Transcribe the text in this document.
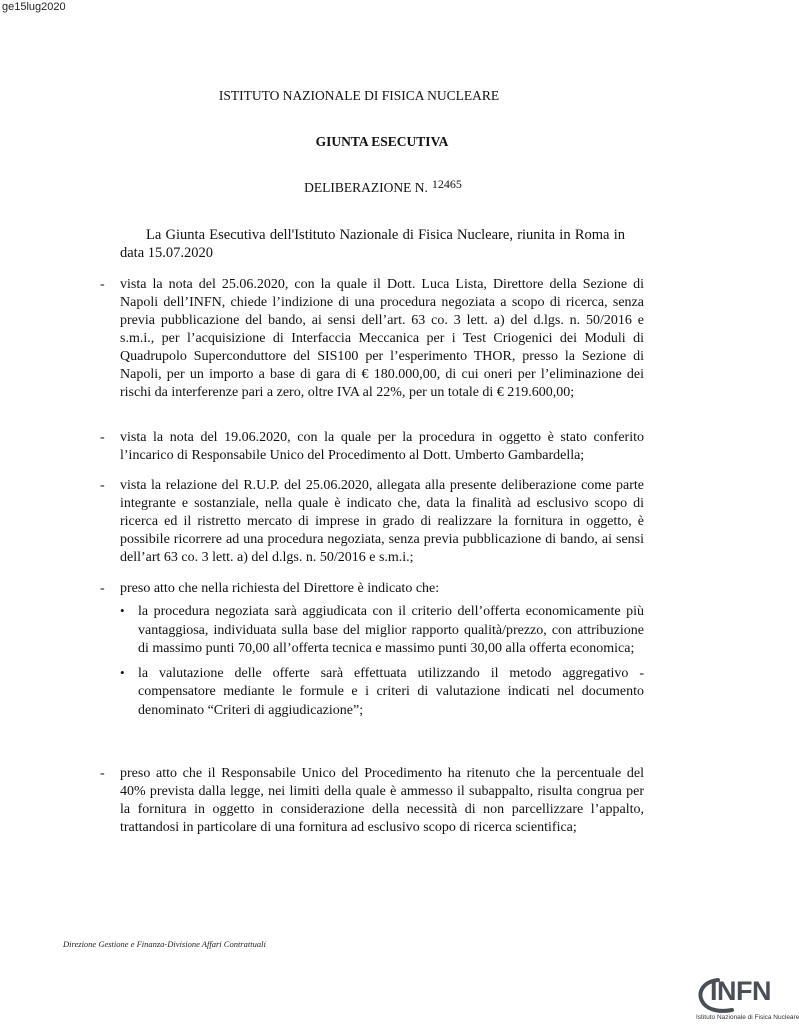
ge15lug2020
ISTITUTO NAZIONALE DI FISICA NUCLEARE
GIUNTA ESECUTIVA
DELIBERAZIONE N. 12465
La Giunta Esecutiva dell'Istituto Nazionale di Fisica Nucleare, riunita in Roma in data 15.07.2020
- vista la nota del 25.06.2020, con la quale il Dott. Luca Lista, Direttore della Sezione di Napoli dell’INFN, chiede l’indizione di una procedura negoziata a scopo di ricerca, senza previa pubblicazione del bando, ai sensi dell’art. 63 co. 3 lett. a) del d.lgs. n. 50/2016 e s.m.i., per l’acquisizione di Interfaccia Meccanica per i Test Criogenici dei Moduli di Quadrupolo Superconduttore del SIS100 per l’esperimento THOR, presso la Sezione di Napoli, per un importo a base di gara di € 180.000,00, di cui oneri per l’eliminazione dei rischi da interferenze pari a zero, oltre IVA al 22%, per un totale di € 219.600,00;
- vista la nota del 19.06.2020, con la quale per la procedura in oggetto è stato conferito l’incarico di Responsabile Unico del Procedimento al Dott. Umberto Gambardella;
- vista la relazione del R.U.P. del 25.06.2020, allegata alla presente deliberazione come parte integrante e sostanziale, nella quale è indicato che, data la finalità ad esclusivo scopo di ricerca ed il ristretto mercato di imprese in grado di realizzare la fornitura in oggetto, è possibile ricorrere ad una procedura negoziata, senza previa pubblicazione di bando, ai sensi dell’art 63 co. 3 lett. a) del d.lgs. n. 50/2016 e s.m.i.;
- preso atto che nella richiesta del Direttore è indicato che:
• la procedura negoziata sarà aggiudicata con il criterio dell’offerta economicamente più vantaggiosa, individuata sulla base del miglior rapporto qualità/prezzo, con attribuzione di massimo punti 70,00 all’offerta tecnica e massimo punti 30,00 alla offerta economica;
• la valutazione delle offerte sarà effettuata utilizzando il metodo aggregativo - compensatore mediante le formule e i criteri di valutazione indicati nel documento denominato “Criteri di aggiudicazione”;
- preso atto che il Responsabile Unico del Procedimento ha ritenuto che la percentuale del 40% prevista dalla legge, nei limiti della quale è ammesso il subappalto, risulta congrua per la fornitura in oggetto in considerazione della necessità di non parcellizzare l’appalto, trattandosi in particolare di una fornitura ad esclusivo scopo di ricerca scientifica;
Direzione Gestione e Finanza-Divisione Affari Contrattuali
INFN
Istituto Nazionale di Fisica Nucleare
